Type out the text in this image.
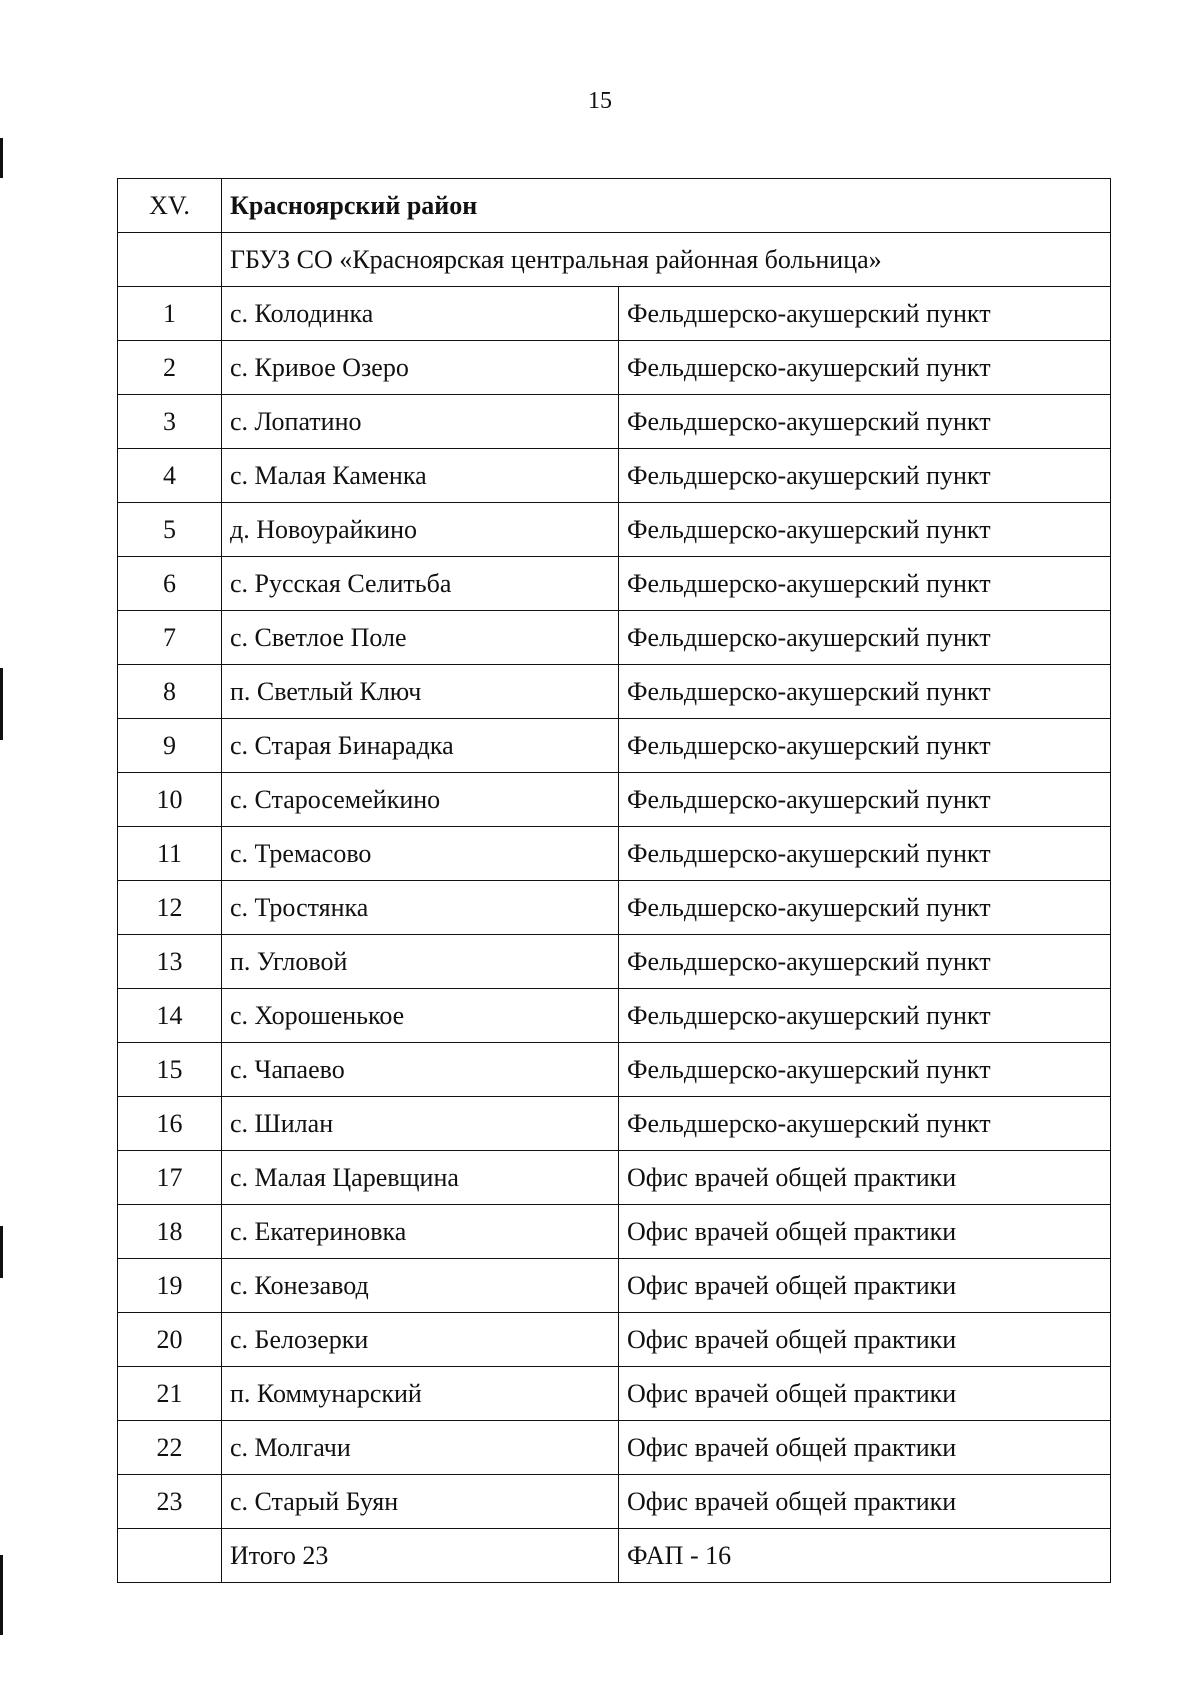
15
XV.	Красноярский район	
	ГБУЗ СО «Красноярская центральная районная больница»	
1	с. Колодинка	Фельдшерско-акушерский пункт
2	с. Кривое Озеро	Фельдшерско-акушерский пункт
3	с. Лопатино	Фельдшерско-акушерский пункт
4	с. Малая Каменка	Фельдшерско-акушерский пункт
5	д. Новоурайкино	Фельдшерско-акушерский пункт
6	с. Русская Селитьба	Фельдшерско-акушерский пункт
7	с. Светлое Поле	Фельдшерско-акушерский пункт
8	п. Светлый Ключ	Фельдшерско-акушерский пункт
9	с. Старая Бинарадка	Фельдшерско-акушерский пункт
10	с. Старосемейкино	Фельдшерско-акушерский пункт
11	с. Тремасово	Фельдшерско-акушерский пункт
12	с. Тростянка	Фельдшерско-акушерский пункт
13	п. Угловой	Фельдшерско-акушерский пункт
14	с. Хорошенькое	Фельдшерско-акушерский пункт
15	с. Чапаево	Фельдшерско-акушерский пункт
16	с. Шилан	Фельдшерско-акушерский пункт
17	с. Малая Царевщина	Офис врачей общей практики
18	с. Екатериновка	Офис врачей общей практики
19	с. Конезавод	Офис врачей общей практики
20	с. Белозерки	Офис врачей общей практики
21	п. Коммунарский	Офис врачей общей практики
22	с. Молгачи	Офис врачей общей практики
23	с. Старый Буян	Офис врачей общей практики
	Итого 23	ФАП - 16
